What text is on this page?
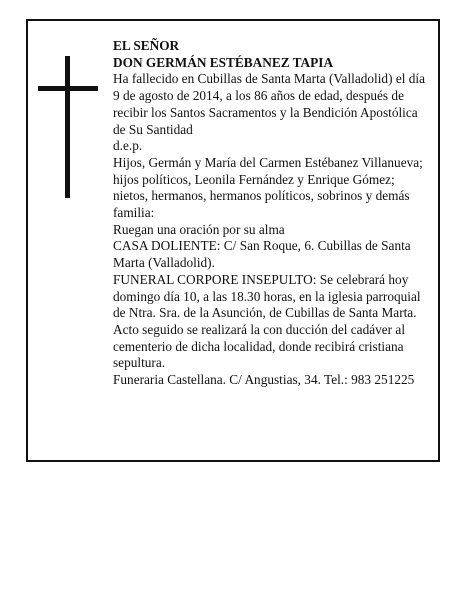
EL SEÑOR

DON GERMÁN ESTÉBANEZ TAPIA

Ha fallecido en Cubillas de Santa Marta (Valladolid) el día 9 de agosto de 2014, a los 86 años de edad, después de recibir los Santos Sacramentos y la Bendición Apostólica de Su Santidad

d.e.p.

Hijos, Germán y María del Carmen Estébanez Villanueva; hijos políticos, Leonila Fernández y Enrique Gómez; nietos, hermanos, hermanos políticos, sobrinos y demás familia:

Ruegan una oración por su alma

CASA DOLIENTE: C/ San Roque, 6. Cubillas de Santa Marta (Valladolid).

FUNERAL CORPORE INSEPULTO: Se celebrará hoy domingo día 10, a las 18.30 horas, en la iglesia parroquial de Ntra. Sra. de la Asunción, de Cubillas de Santa Marta. Acto seguido se realizará la con ducción del cadáver al cementerio de dicha localidad, donde recibirá cristiana sepultura.

Funeraria Castellana. C/ Angustias, 34. Tel.: 983 251225
